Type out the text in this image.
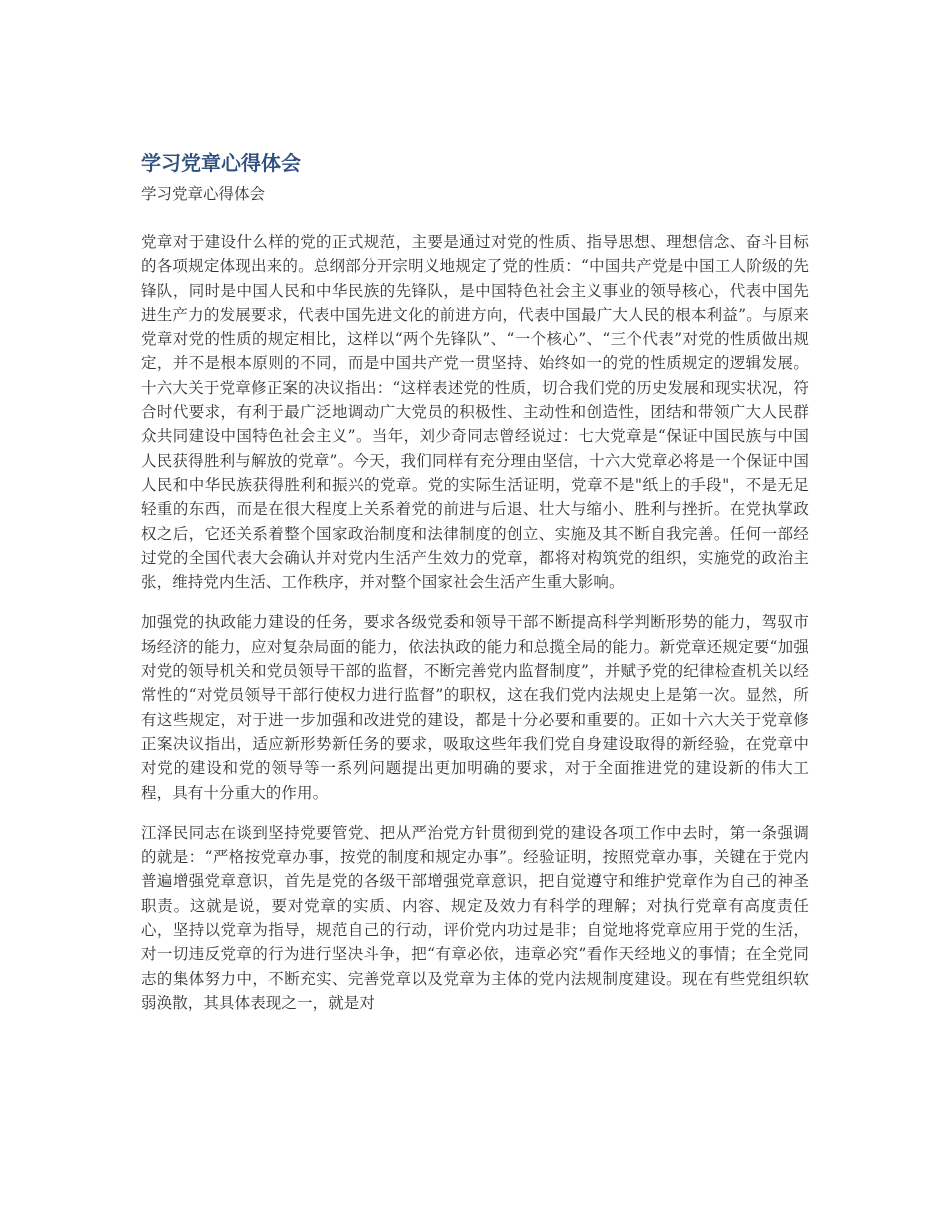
学习党章心得体会
学习党章心得体会

党章对于建设什么样的党的正式规范，主要是通过对党的性质、指导思想、理想信念、奋斗目标的各项规定体现出来的。总纲部分开宗明义地规定了党的性质：“中国共产党是中国工人阶级的先锋队，同时是中国人民和中华民族的先锋队，是中国特色社会主义事业的领导核心，代表中国先进生产力的发展要求，代表中国先进文化的前进方向，代表中国最广大人民的根本利益”。与原来党章对党的性质的规定相比，这样以“两个先锋队”、“一个核心”、“三个代表”对党的性质做出规定，并不是根本原则的不同，而是中国共产党一贯坚持、始终如一的党的性质规定的逻辑发展。十六大关于党章修正案的决议指出：“这样表述党的性质，切合我们党的历史发展和现实状况，符合时代要求，有利于最广泛地调动广大党员的积极性、主动性和创造性，团结和带领广大人民群众共同建设中国特色社会主义”。当年，刘少奇同志曾经说过：七大党章是“保证中国民族与中国人民获得胜利与解放的党章”。今天，我们同样有充分理由坚信，十六大党章必将是一个保证中国人民和中华民族获得胜利和振兴的党章。党的实际生活证明，党章不是"纸上的手段"，不是无足轻重的东西，而是在很大程度上关系着党的前进与后退、壮大与缩小、胜利与挫折。在党执掌政权之后，它还关系着整个国家政治制度和法律制度的创立、实施及其不断自我完善。任何一部经过党的全国代表大会确认并对党内生活产生效力的党章，都将对构筑党的组织，实施党的政治主张，维持党内生活、工作秩序，并对整个国家社会生活产生重大影响。

加强党的执政能力建设的任务，要求各级党委和领导干部不断提高科学判断形势的能力，驾驭市场经济的能力，应对复杂局面的能力，依法执政的能力和总揽全局的能力。新党章还规定要“加强对党的领导机关和党员领导干部的监督，不断完善党内监督制度”，并赋予党的纪律检查机关以经常性的“对党员领导干部行使权力进行监督”的职权，这在我们党内法规史上是第一次。显然，所有这些规定，对于进一步加强和改进党的建设，都是十分必要和重要的。正如十六大关于党章修正案决议指出，适应新形势新任务的要求，吸取这些年我们党自身建设取得的新经验，在党章中对党的建设和党的领导等一系列问题提出更加明确的要求，对于全面推进党的建设新的伟大工程，具有十分重大的作用。

江泽民同志在谈到坚持党要管党、把从严治党方针贯彻到党的建设各项工作中去时，第一条强调的就是：“严格按党章办事，按党的制度和规定办事”。经验证明，按照党章办事，关键在于党内普遍增强党章意识，首先是党的各级干部增强党章意识，把自觉遵守和维护党章作为自己的神圣职责。这就是说，要对党章的实质、内容、规定及效力有科学的理解；对执行党章有高度责任心，坚持以党章为指导，规范自己的行动，评价党内功过是非；自觉地将党章应用于党的生活，对一切违反党章的行为进行坚决斗争，把“有章必依，违章必究”看作天经地义的事情；在全党同志的集体努力中，不断充实、完善党章以及党章为主体的党内法规制度建设。现在有些党组织软弱涣散，其具体表现之一，就是对
